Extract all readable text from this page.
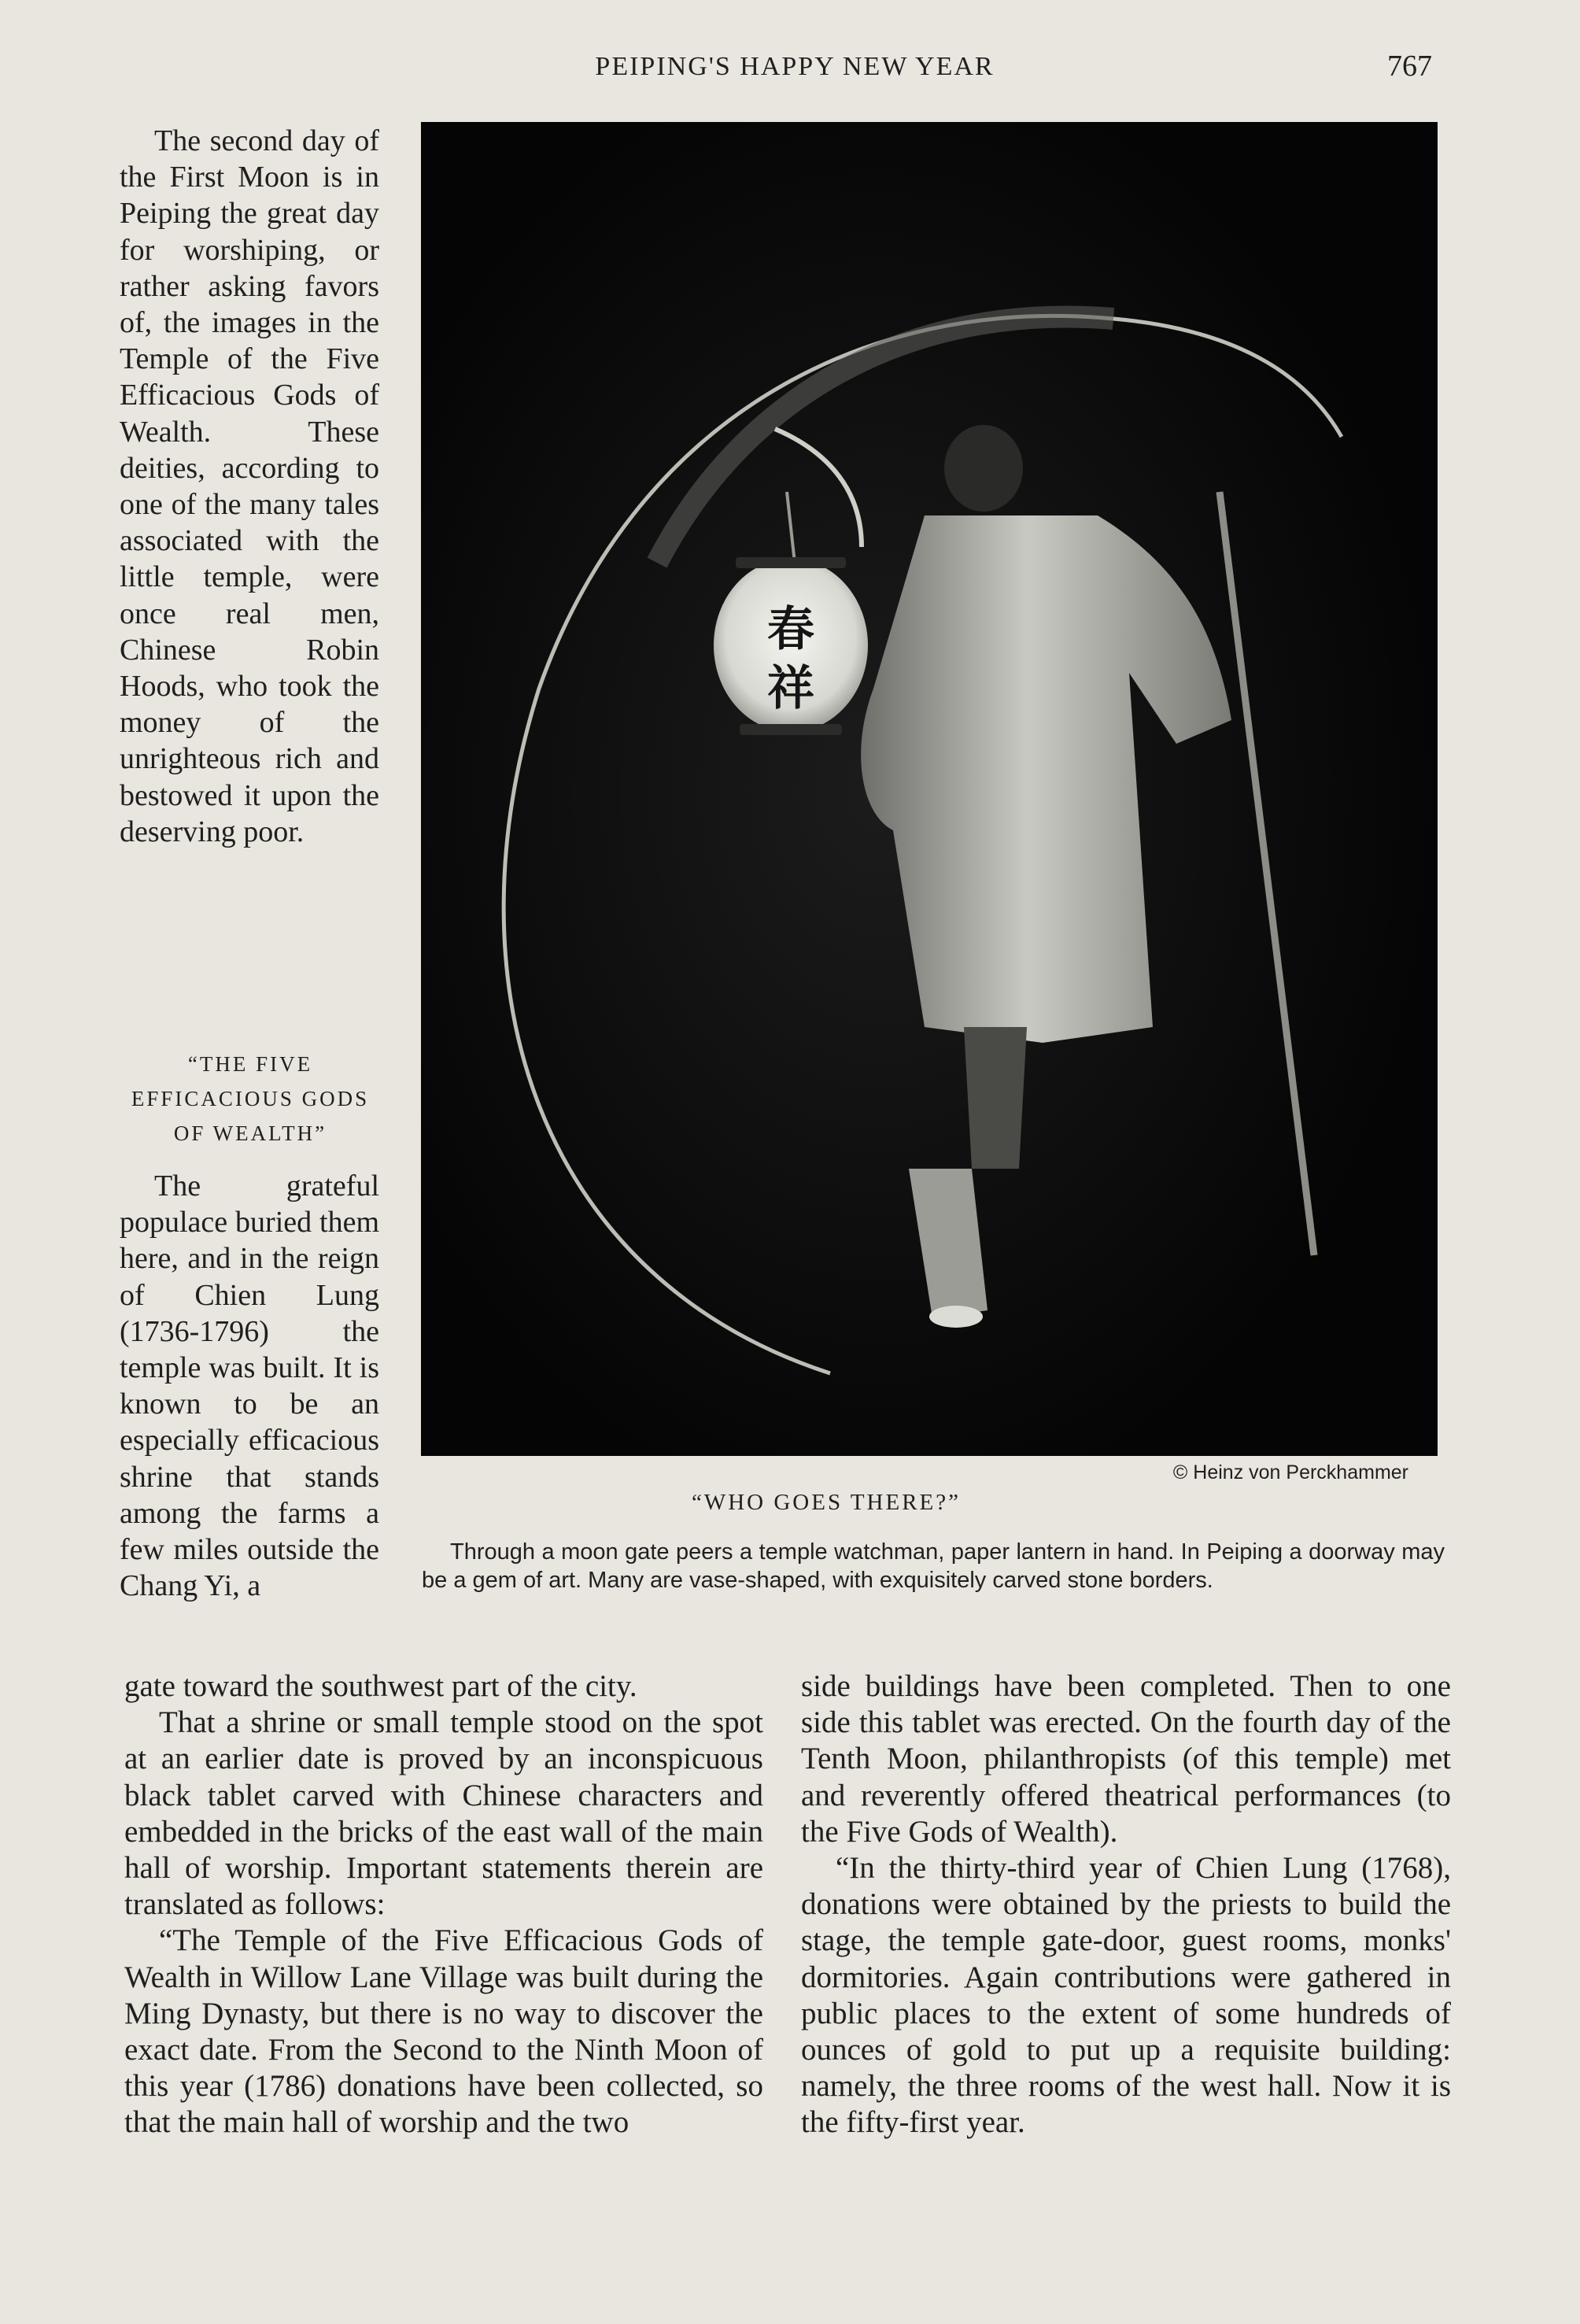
PEIPING'S HAPPY NEW YEAR	767

The second day of the First Moon is in Peiping the great day for worshiping, or rather asking favors of, the images in the Temple of the Five Efficacious Gods of Wealth. These deities, according to one of the many tales associated with the little temple, were once real men, Chinese Robin Hoods, who took the money of the unrighteous rich and bestowed it upon the deserving poor.

“THE FIVE EFFICACIOUS GODS OF WEALTH”

The grateful populace buried them here, and in the reign of Chien Lung (1736-1796) the temple was built. It is known to be an especially efficacious shrine that stands among the farms a few miles outside the Chang Yi, a

春
祥
© Heinz von Perckhammer
“WHO GOES THERE?”

Through a moon gate peers a temple watchman, paper lantern in hand. In Peiping a doorway may be a gem of art. Many are vase-shaped, with exquisitely carved stone borders.

gate toward the southwest part of the city.

That a shrine or small temple stood on the spot at an earlier date is proved by an inconspicuous black tablet carved with Chinese characters and embedded in the bricks of the east wall of the main hall of worship. Important statements therein are translated as follows:

“The Temple of the Five Efficacious Gods of Wealth in Willow Lane Village was built during the Ming Dynasty, but there is no way to discover the exact date. From the Second to the Ninth Moon of this year (1786) donations have been collected, so that the main hall of worship and the two

side buildings have been completed. Then to one side this tablet was erected. On the fourth day of the Tenth Moon, philanthropists (of this temple) met and reverently offered theatrical performances (to the Five Gods of Wealth).

“In the thirty-third year of Chien Lung (1768), donations were obtained by the priests to build the stage, the temple gate-door, guest rooms, monks' dormitories. Again contributions were gathered in public places to the extent of some hundreds of ounces of gold to put up a requisite building: namely, the three rooms of the west hall. Now it is the fifty-first year.
